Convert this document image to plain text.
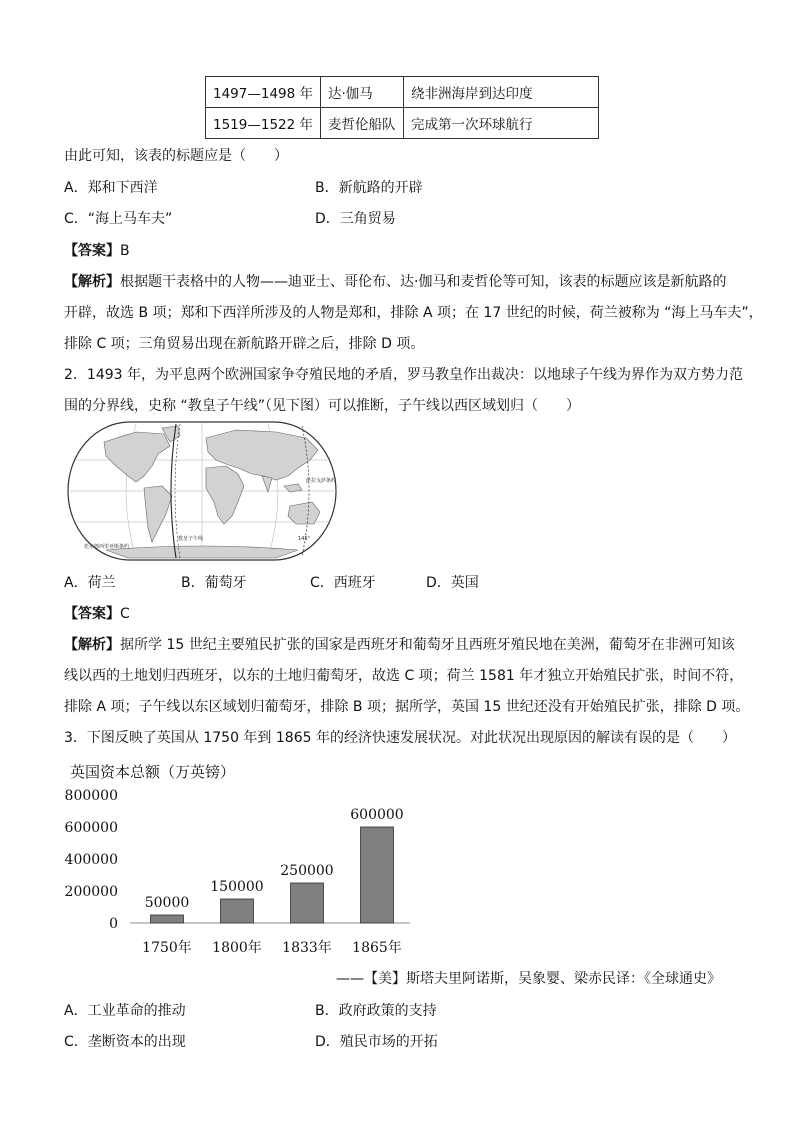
1497—1498 年	达·伽马	绕非洲海岸到达印度
1519—1522 年	麦哲伦船队	完成第一次环球航行
由此可知，该表的标题应是（　　）
A．郑和下西洋	B．新航路的开辟
C．“海上马车夫”	D．三角贸易
【答案】B
【解析】根据题干表格中的人物——迪亚士、哥伦布、达·伽马和麦哲伦等可知，该表的标题应该是新航路的
开辟，故选 B 项；郑和下西洋所涉及的人物是郑和，排除 A 项；在 17 世纪的时候，荷兰被称为 “海上马车夫”，
排除 C 项；三角贸易出现在新航路开辟之后，排除 D 项。
2．1493 年，为平息两个欧洲国家争夺殖民地的矛盾，罗马教皇作出裁决：以地球子午线为界作为双方势力范
围的分界线，史称 “教皇子午线”（见下图）可以推断，子午线以西区域划归（　　）
托尔德西里亚斯条约
教皇子午线
萨拉戈萨条约
145°
A．荷兰	B．葡萄牙	C．西班牙	D．英国
【答案】C
【解析】据所学 15 世纪主要殖民扩张的国家是西班牙和葡萄牙且西班牙殖民地在美洲，葡萄牙在非洲可知该
线以西的土地划归西班牙，以东的土地归葡萄牙，故选 C 项；荷兰 1581 年才独立开始殖民扩张，时间不符，
排除 A 项；子午线以东区域划归葡萄牙，排除 B 项；据所学，英国 15 世纪还没有开始殖民扩张，排除 D 项。
3．下图反映了英国从 1750 年到 1865 年的经济快速发展状况。对此状况出现原因的解读有误的是（　　）
英国资本总额（万英镑）
800000
600000
400000
200000
0
50000
1750年
150000
1800年
250000
1833年
600000
1865年
——【美】斯塔夫里阿诺斯，吴象婴、梁赤民译：《全球通史》
A．工业革命的推动	B．政府政策的支持
C．垄断资本的出现	D．殖民市场的开拓
